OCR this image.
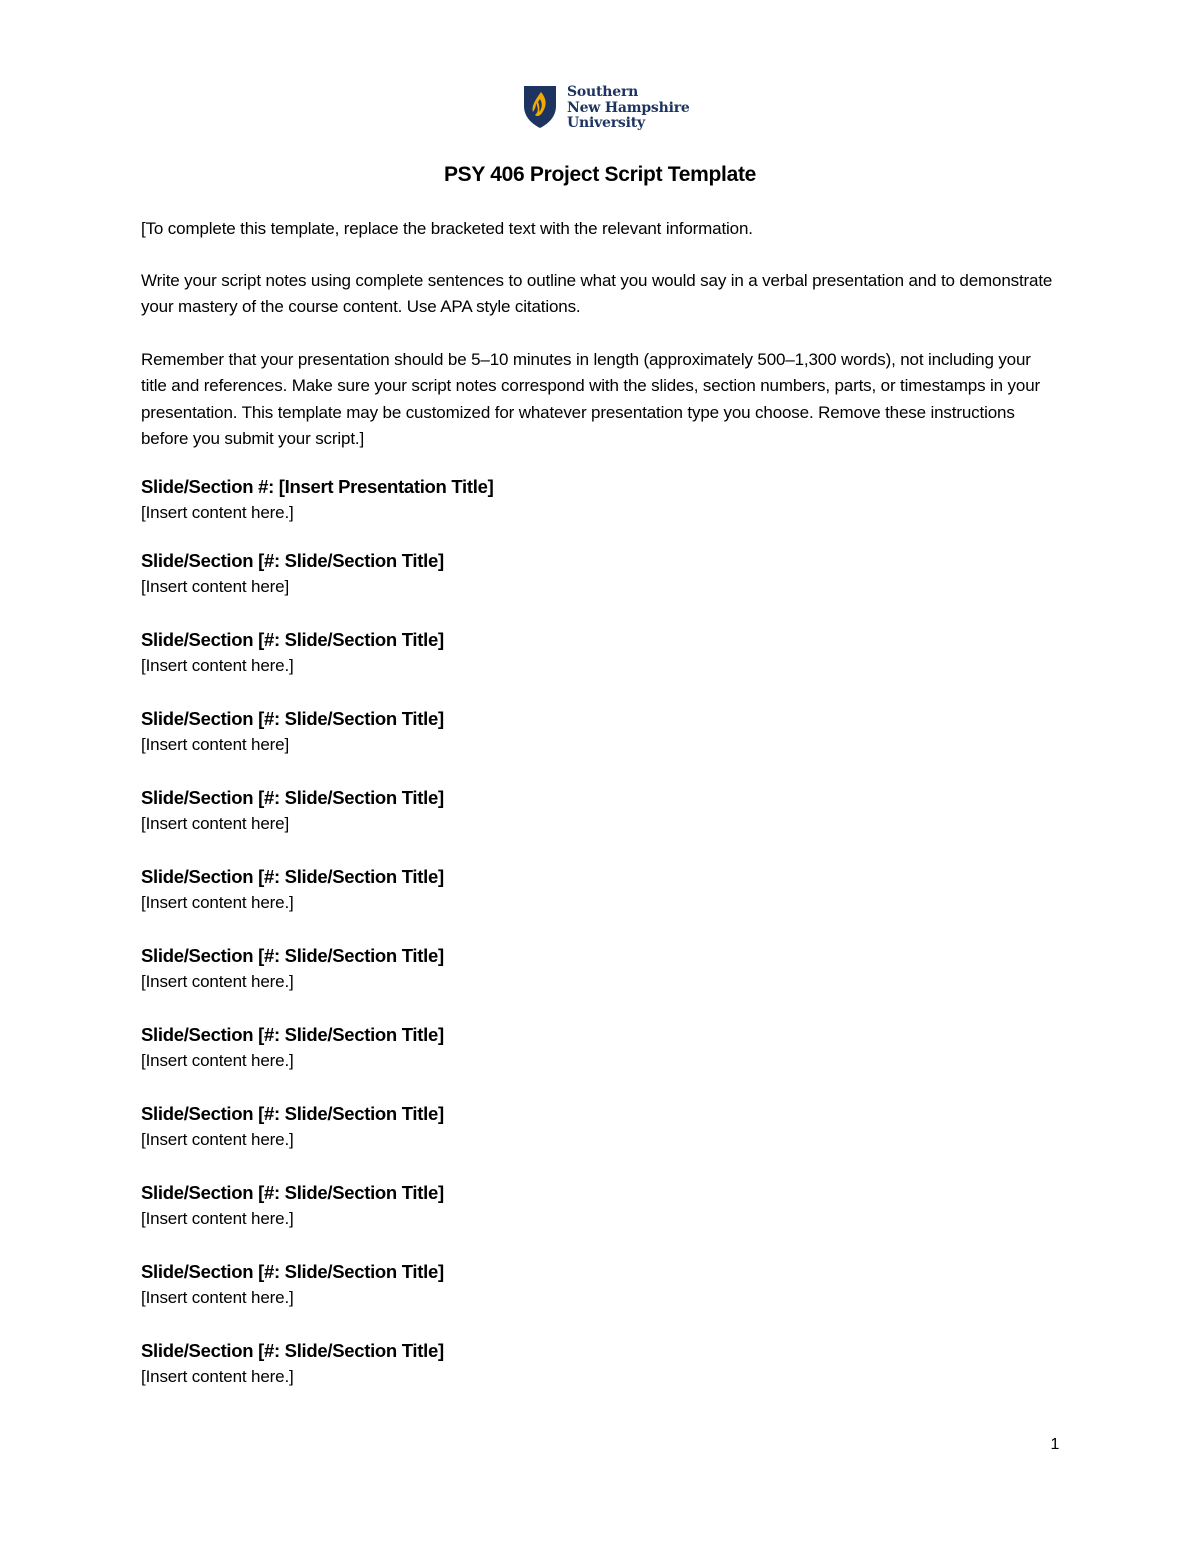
Southern
New Hampshire
University
PSY 406 Project Script Template

[To complete this template, replace the bracketed text with the relevant information.

Write your script notes using complete sentences to outline what you would say in a verbal presentation and to demonstrate your mastery of the course content. Use APA style citations.

Remember that your presentation should be 5–10 minutes in length (approximately 500–1,300 words), not including your title and references. Make sure your script notes correspond with the slides, section numbers, parts, or timestamps in your presentation. This template may be customized for whatever presentation type you choose. Remove these instructions before you submit your script.]

Slide/Section #: [Insert Presentation Title]
[Insert content here.]
Slide/Section [#: Slide/Section Title]
[Insert content here]
Slide/Section [#: Slide/Section Title]
[Insert content here.]
Slide/Section [#: Slide/Section Title]
[Insert content here]
Slide/Section [#: Slide/Section Title]
[Insert content here]
Slide/Section [#: Slide/Section Title]
[Insert content here.]
Slide/Section [#: Slide/Section Title]
[Insert content here.]
Slide/Section [#: Slide/Section Title]
[Insert content here.]
Slide/Section [#: Slide/Section Title]
[Insert content here.]
Slide/Section [#: Slide/Section Title]
[Insert content here.]
Slide/Section [#: Slide/Section Title]
[Insert content here.]
Slide/Section [#: Slide/Section Title]
[Insert content here.]
1
